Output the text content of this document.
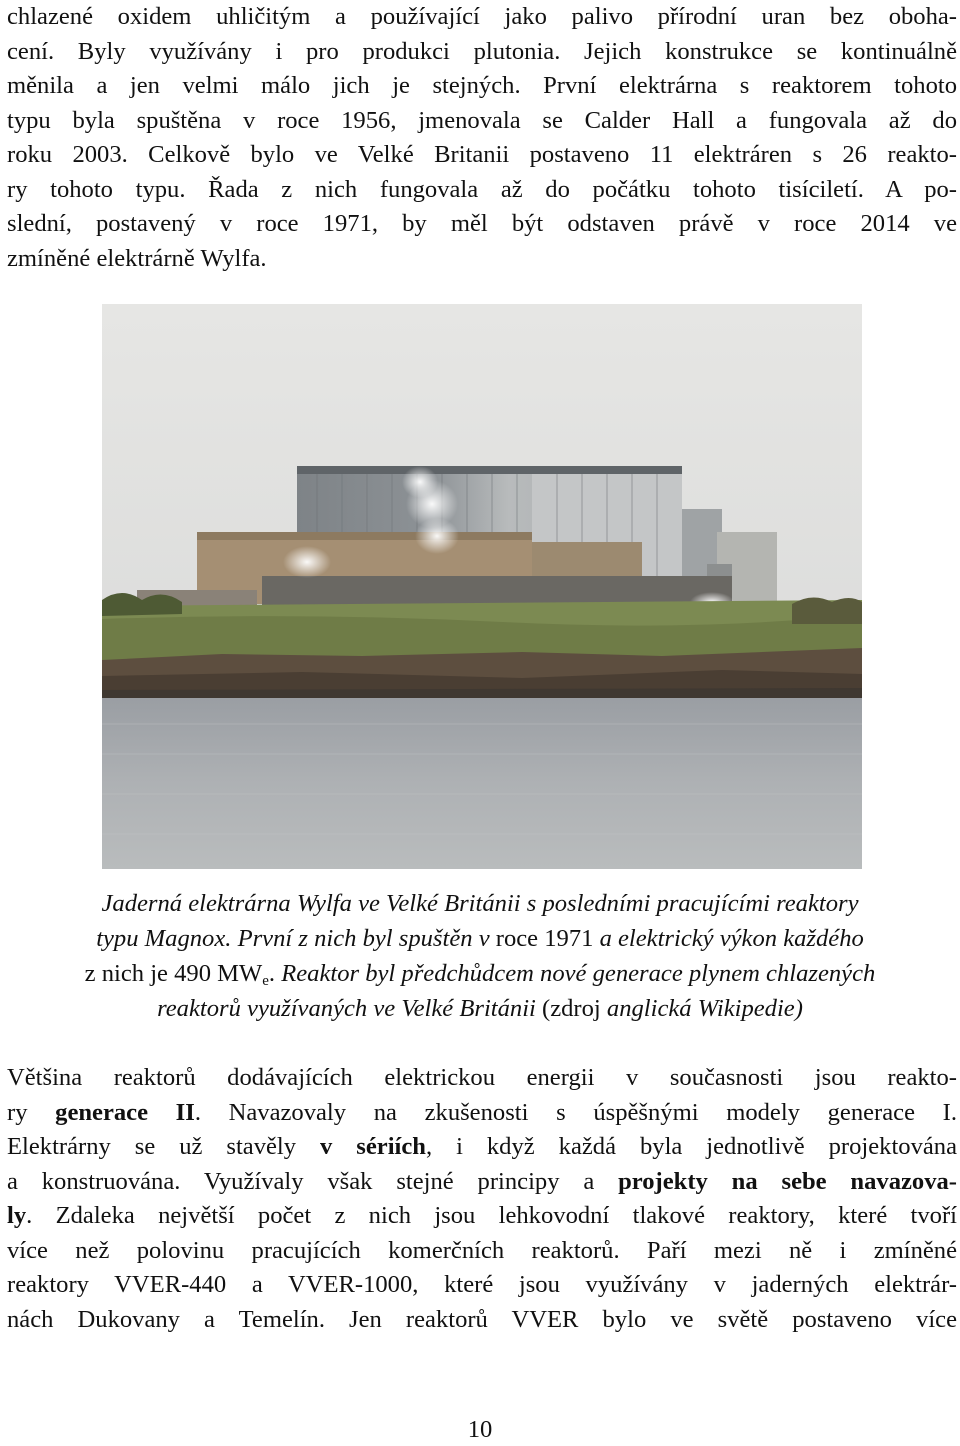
chlazené oxidem uhličitým a používající jako palivo přírodní uran bez oboha-
cení. Byly využívány i pro produkci plutonia. Jejich konstrukce se kontinuálně
měnila a jen velmi málo jich je stejných. První elektrárna s reaktorem tohoto
typu byla spuštěna v roce 1956, jmenovala se Calder Hall a fungovala až do
roku 2003. Celkově bylo ve Velké Britanii postaveno 11 elektráren s 26 reakto-
ry tohoto typu. Řada z nich fungovala až do počátku tohoto tisíciletí. A po-
slední, postavený v roce 1971, by měl být odstaven právě v roce 2014 ve
zmíněné elektrárně Wylfa.
Jaderná elektrárna Wylfa ve Velké Británii s posledními pracujícími reaktory
typu Magnox. První z nich byl spuštěn v roce 1971 a elektrický výkon každého
z nich je 490 $MW_e$. Reaktor byl předchůdcem nové generace plynem chlazených
reaktorů využívaných ve Velké Británii (zdroj anglická Wikipedie)
Většina reaktorů dodávajících elektrickou energii v současnosti jsou reakto-
ry generace II. Navazovaly na zkušenosti s úspěšnými modely generace I.
Elektrárny se už stavěly v sériích, i když každá byla jednotlivě projektována
a konstruována. Využívaly však stejné principy a projekty na sebe navazova-
ly. Zdaleka největší počet z nich jsou lehkovodní tlakové reaktory, které tvoří
více než polovinu pracujících komerčních reaktorů. Paří mezi ně i zmíněné
reaktory VVER-440 a VVER-1000, které jsou využívány v jaderných elektrár-
nách Dukovany a Temelín. Jen reaktorů VVER bylo ve světě postaveno více
10
